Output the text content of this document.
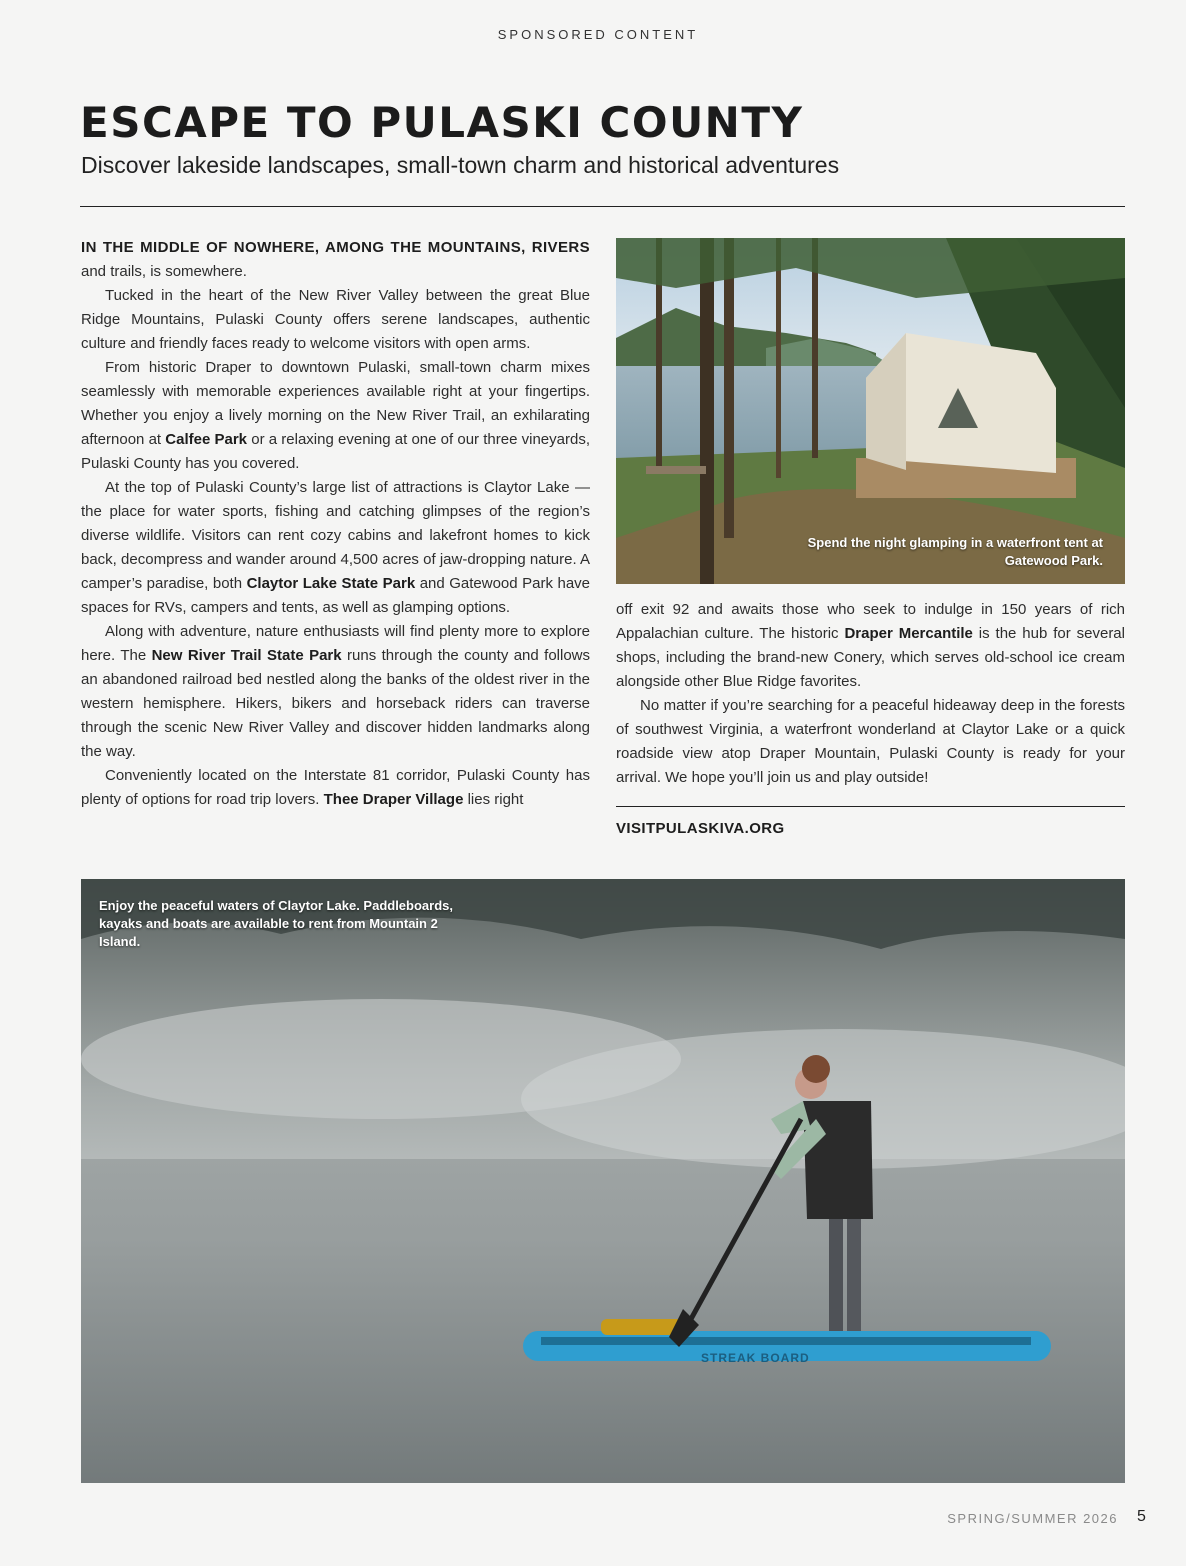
SPONSORED CONTENT
ESCAPE TO PULASKI COUNTY
Discover lakeside landscapes, small-town charm and historical adventures

IN THE MIDDLE OF NOWHERE, AMONG THE MOUNTAINS, RIVERS and trails, is somewhere.

Tucked in the heart of the New River Valley between the great Blue Ridge Mountains, Pulaski County offers serene landscapes, authentic culture and friendly faces ready to welcome visitors with open arms.

From historic Draper to downtown Pulaski, small-town charm mixes seamlessly with memorable experiences available right at your fingertips. Whether you enjoy a lively morning on the New River Trail, an exhilarating afternoon at Calfee Park or a relaxing evening at one of our three vineyards, Pulaski County has you covered.

At the top of Pulaski County’s large list of attractions is Claytor Lake — the place for water sports, fishing and catching glimpses of the region’s diverse wildlife. Visitors can rent cozy cabins and lakefront homes to kick back, decompress and wander around 4,500 acres of jaw-dropping nature. A camper’s paradise, both Claytor Lake State Park and Gatewood Park have spaces for RVs, campers and tents, as well as glamping options.

Along with adventure, nature enthusiasts will find plenty more to explore here. The New River Trail State Park runs through the county and follows an abandoned railroad bed nestled along the banks of the oldest river in the western hemisphere. Hikers, bikers and horseback riders can traverse through the scenic New River Valley and discover hidden landmarks along the way.

Conveniently located on the Interstate 81 corridor, Pulaski County has plenty of options for road trip lovers. Thee Draper Village lies right

Spend the night glamping in a waterfront tent at Gatewood Park.

off exit 92 and awaits those who seek to indulge in 150 years of rich Appalachian culture. The historic Draper Mercantile is the hub for several shops, including the brand-new Conery, which serves old-school ice cream alongside other Blue Ridge favorites.

No matter if you’re searching for a peaceful hideaway deep in the forests of southwest Virginia, a waterfront wonderland at Claytor Lake or a quick roadside view atop Draper Mountain, Pulaski County is ready for your arrival. We hope you’ll join us and play outside!

VISITPULASKIVA.ORG
Enjoy the peaceful waters of Claytor Lake. Paddleboards, kayaks and boats are available to rent from Mountain 2 Island.
STREAK BOARD
SPRING/SUMMER 2026 5
